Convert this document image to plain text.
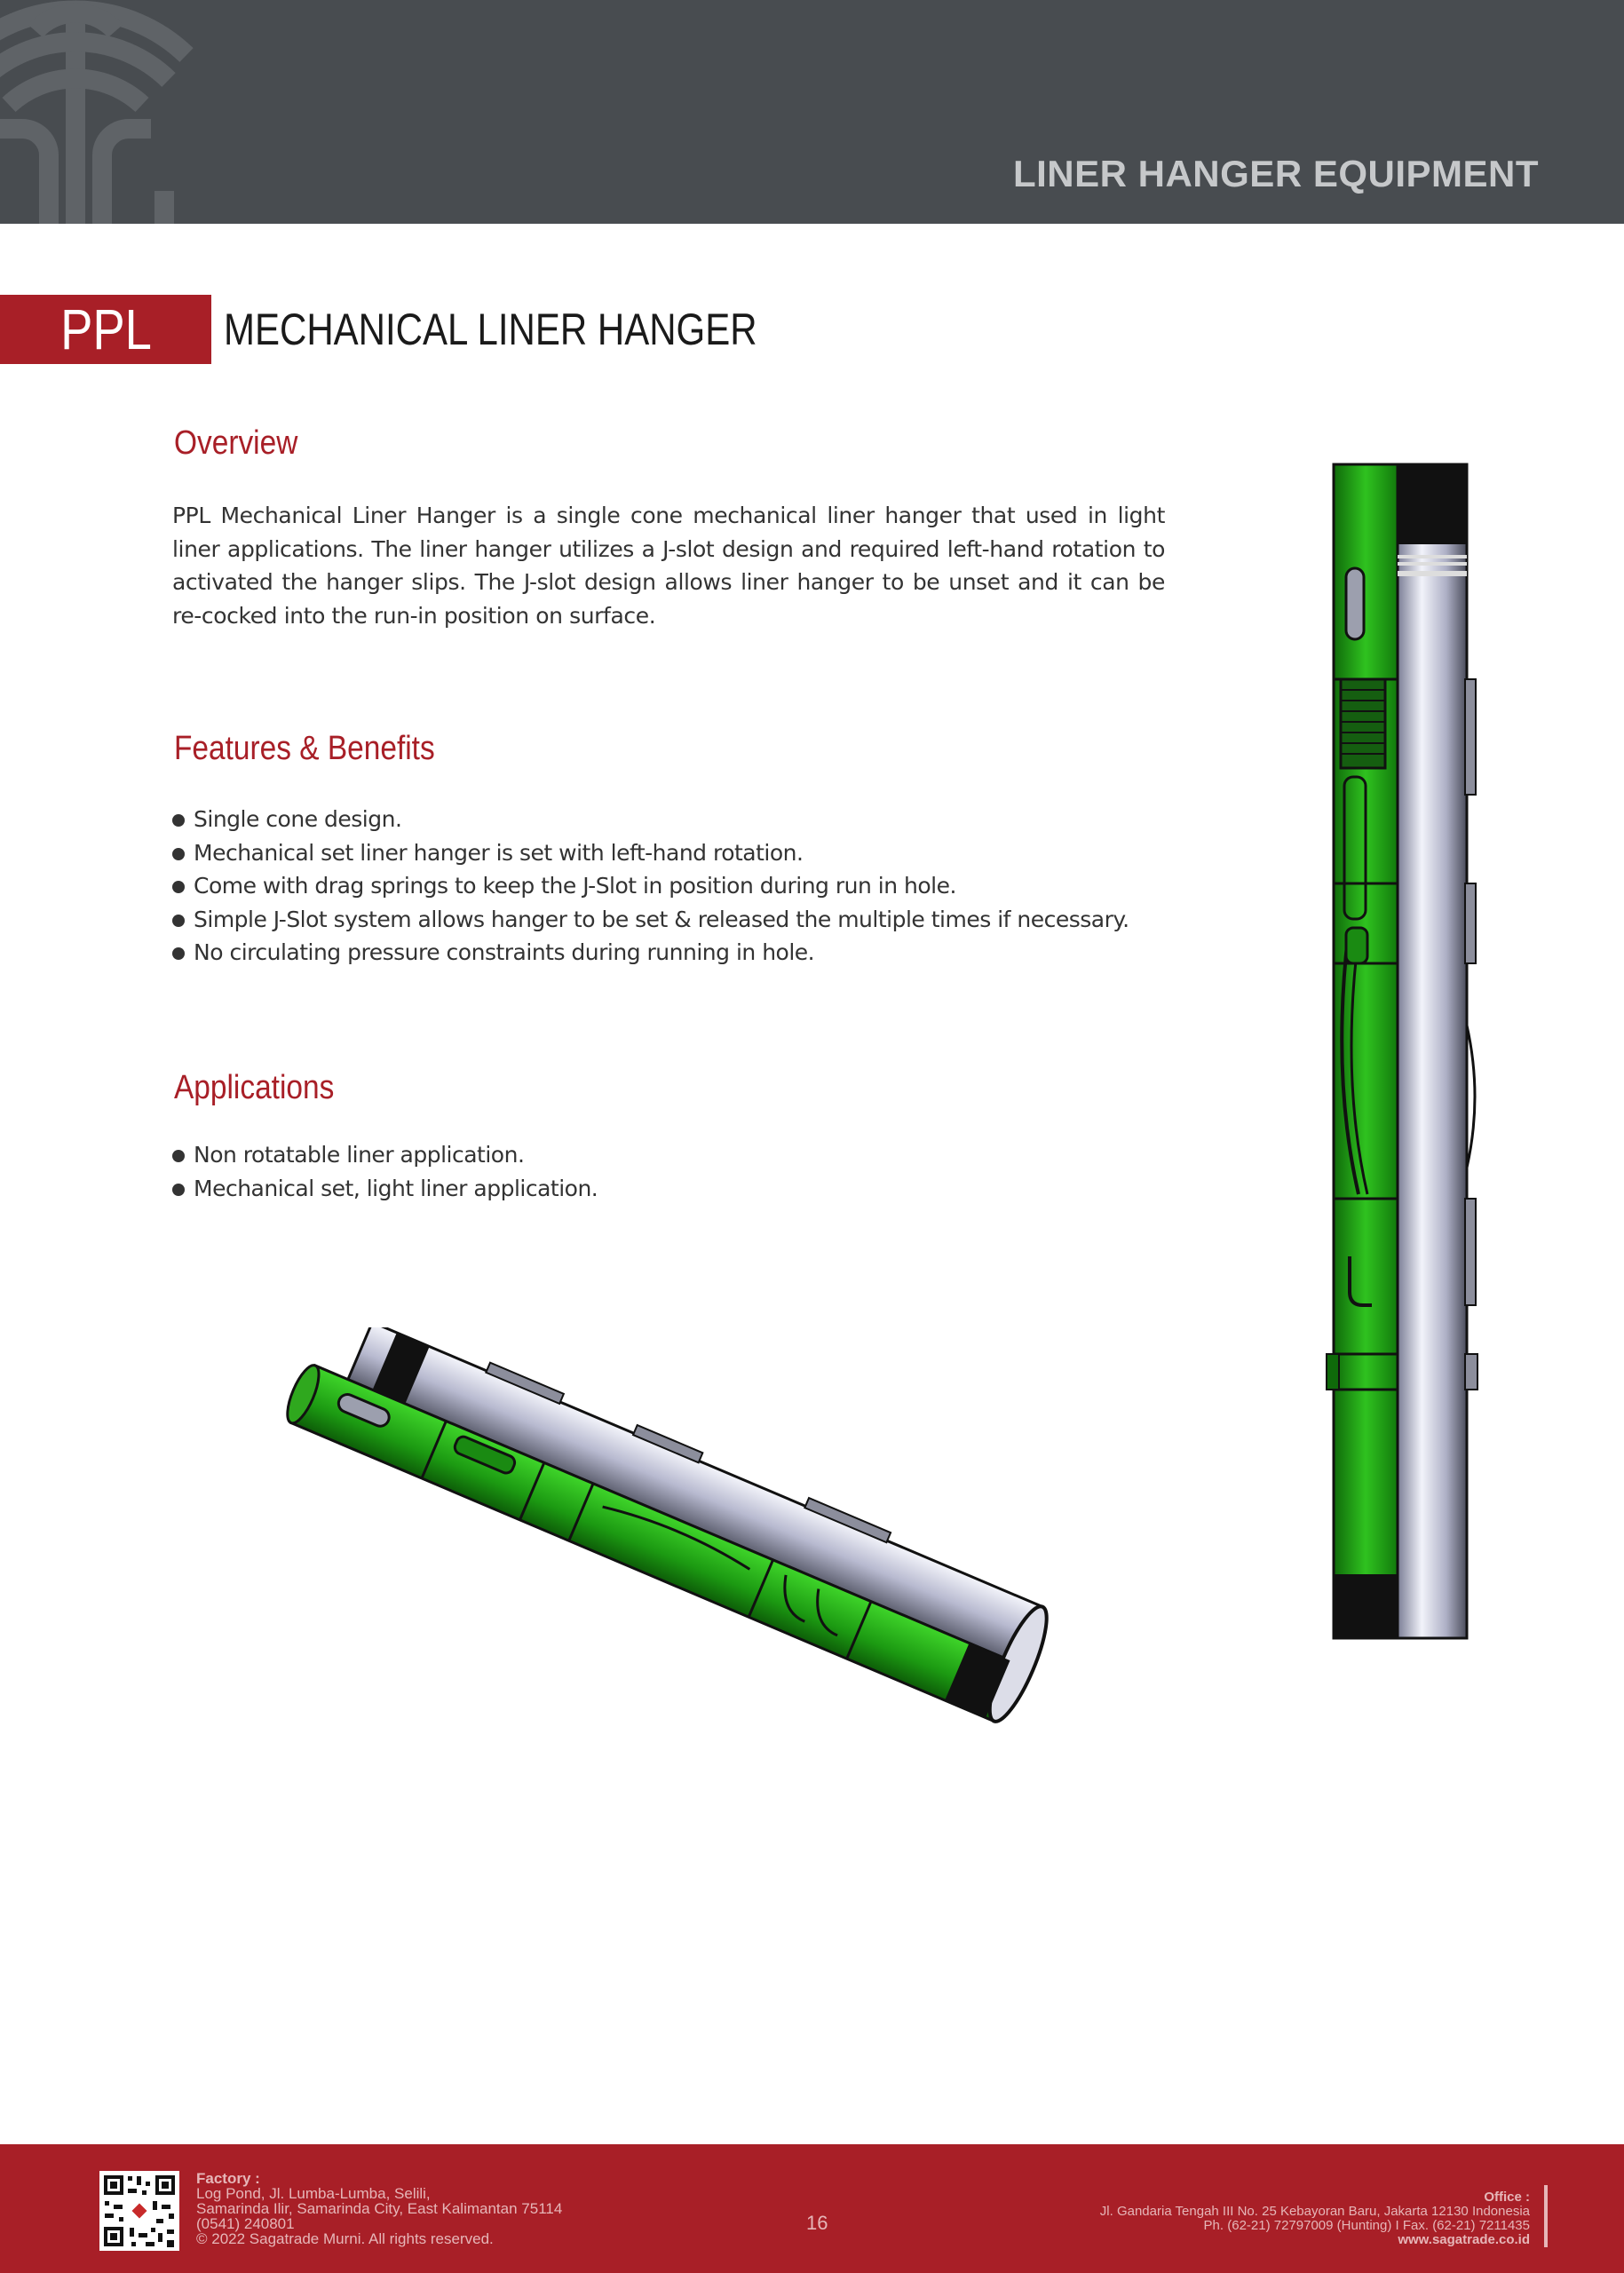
LINER HANGER EQUIPMENT
PPL	MECHANICAL LINER HANGER
Overview
PPL Mechanical Liner Hanger is a single cone mechanical liner hanger that used in light liner applications. The liner hanger utilizes a J-slot design and required left-hand rotation to activated the hanger slips. The J-slot design allows liner hanger to be unset and it can be re-cocked into the run-in position on surface.
Features & Benefits
Single cone design.
Mechanical set liner hanger is set with left-hand rotation.
Come with drag springs to keep the J-Slot in position during run in hole.
Simple J-Slot system allows hanger to be set & released the multiple times if necessary.
No circulating pressure constraints during running in hole.
Applications
Non rotatable liner application.
Mechanical set, light liner application.
Factory :
Log Pond, Jl. Lumba-Lumba, Selili,
Samarinda Ilir, Samarinda City, East Kalimantan 75114
(0541) 240801
© 2022 Sagatrade Murni. All rights reserved.
16
Office :
Jl. Gandaria Tengah III No. 25 Kebayoran Baru, Jakarta 12130 Indonesia
Ph. (62-21) 72797009 (Hunting) I Fax. (62-21) 7211435
www.sagatrade.co.id
